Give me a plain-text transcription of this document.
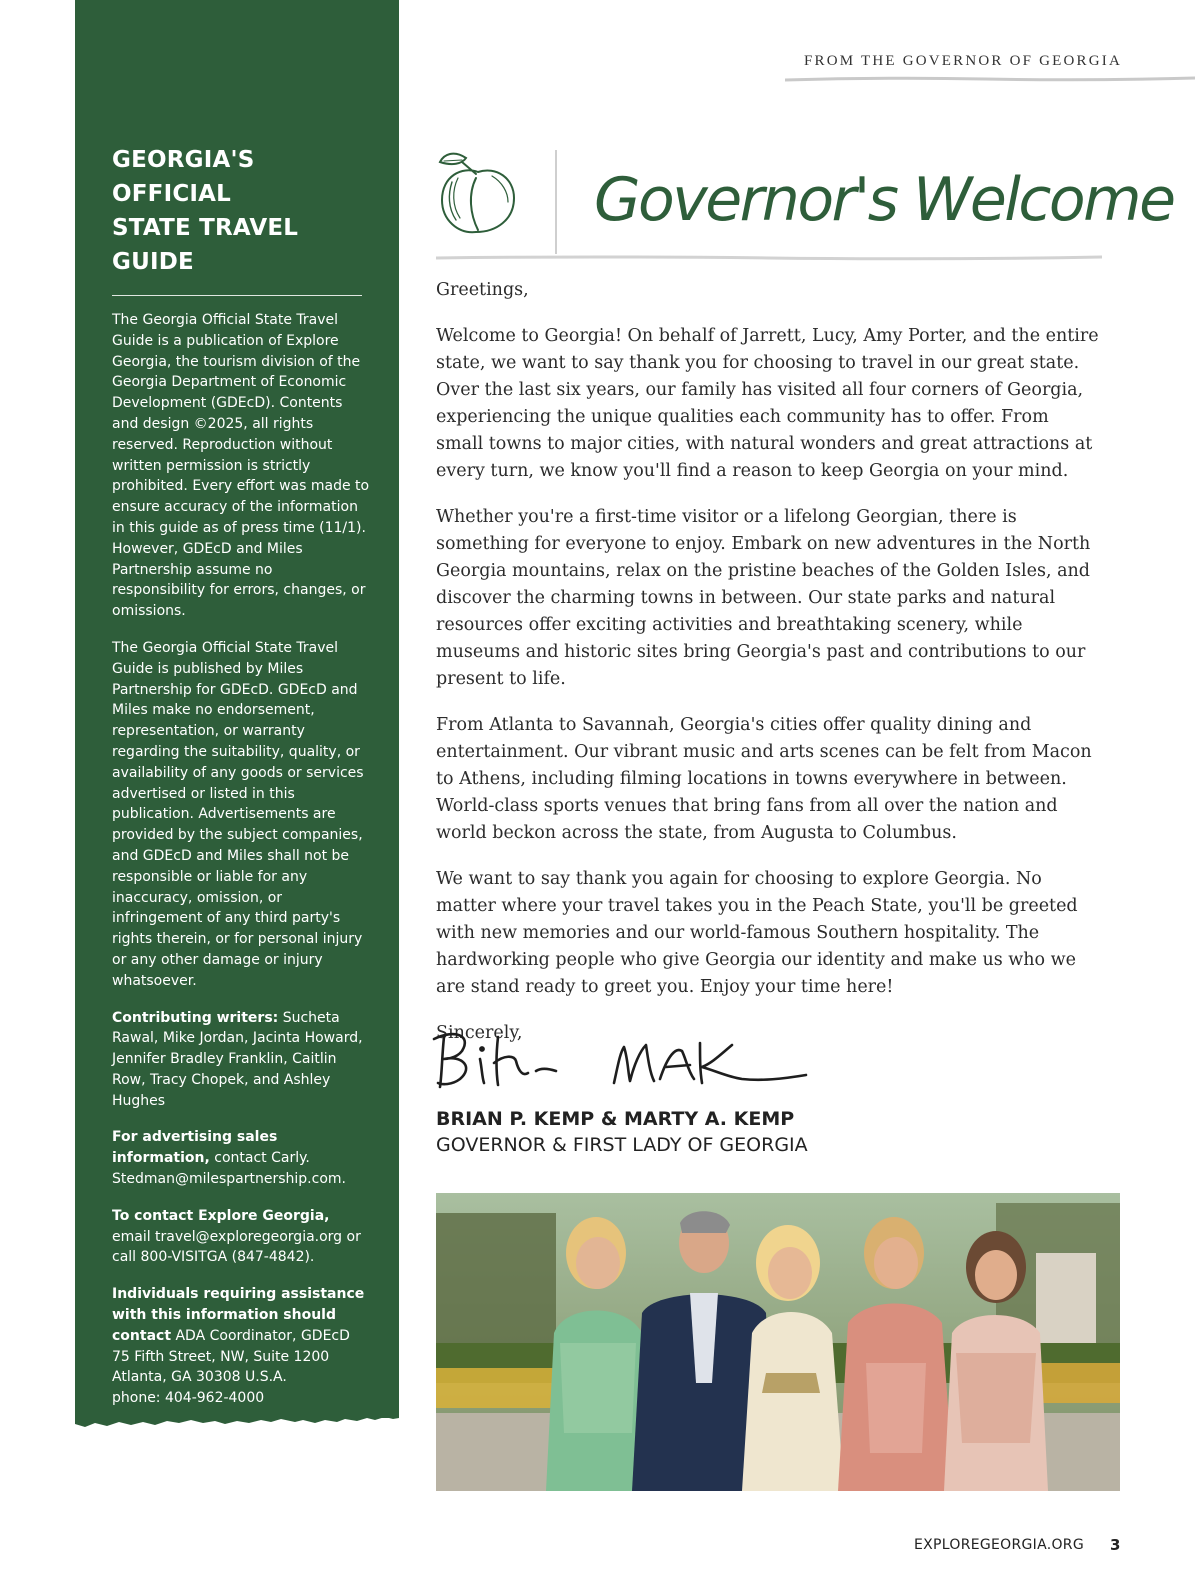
GEORGIA'S OFFICIAL
STATE TRAVEL GUIDE

The Georgia Official State Travel Guide is a publication of Explore Georgia, the tourism division of the Georgia Department of Economic Development (GDEcD). Contents and design ©2025, all rights reserved. Reproduction without written permission is strictly prohibited. Every effort was made to ensure accuracy of the information in this guide as of press time (11/1). However, GDEcD and Miles Partnership assume no responsibility for errors, changes, or omissions.

The Georgia Official State Travel Guide is published by Miles Partnership for GDEcD. GDEcD and Miles make no endorsement, representation, or warranty regarding the suitability, quality, or availability of any goods or services advertised or listed in this publication. Advertisements are provided by the subject companies, and GDEcD and Miles shall not be responsible or liable for any inaccuracy, omission, or infringement of any third party's rights therein, or for personal injury or any other damage or injury whatsoever.

Contributing writers: Sucheta Rawal, Mike Jordan, Jacinta Howard, Jennifer Bradley Franklin, Caitlin Row, Tracy Chopek, and Ashley Hughes

For advertising sales information, contact Carly. Stedman@milespartnership.com.

To contact Explore Georgia, email travel@exploregeorgia.org or call 800-VISITGA (847-4842).

Individuals requiring assistance with this information should contact ADA Coordinator, GDEcD
75 Fifth Street, NW, Suite 1200
Atlanta, GA 30308 U.S.A.
phone: 404-962-4000

FROM THE GOVERNOR OF GEORGIA
Governor's Welcome

Greetings,

Welcome to Georgia! On behalf of Jarrett, Lucy, Amy Porter, and the entire state, we want to say thank you for choosing to travel in our great state. Over the last six years, our family has visited all four corners of Georgia, experiencing the unique qualities each community has to offer. From small towns to major cities, with natural wonders and great attractions at every turn, we know you'll find a reason to keep Georgia on your mind.

Whether you're a first-time visitor or a lifelong Georgian, there is something for everyone to enjoy. Embark on new adventures in the North Georgia mountains, relax on the pristine beaches of the Golden Isles, and discover the charming towns in between. Our state parks and natural resources offer exciting activities and breathtaking scenery, while museums and historic sites bring Georgia's past and contributions to our present to life.

From Atlanta to Savannah, Georgia's cities offer quality dining and entertainment. Our vibrant music and arts scenes can be felt from Macon to Athens, including filming locations in towns everywhere in between. World-class sports venues that bring fans from all over the nation and world beckon across the state, from Augusta to Columbus.

We want to say thank you again for choosing to explore Georgia. No matter where your travel takes you in the Peach State, you'll be greeted with new memories and our world-famous Southern hospitality. The hardworking people who give Georgia our identity and make us who we are stand ready to greet you. Enjoy your time here!

Sincerely,

BRIAN P. KEMP & MARTY A. KEMP

GOVERNOR & FIRST LADY OF GEORGIA

EXPLOREGEORGIA.ORG 3
